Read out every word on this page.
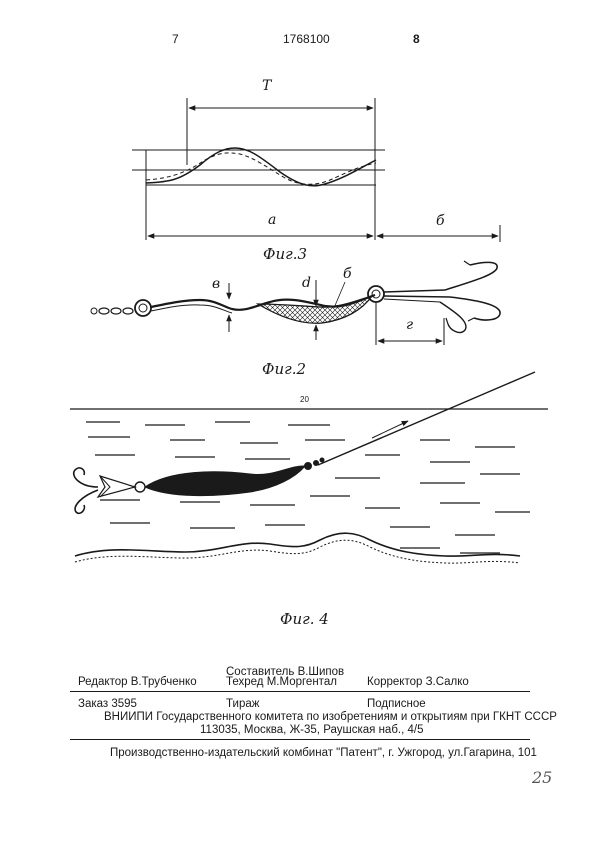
7	1768100	8
T
a	б
Фиг.3
в	d
б
г
Фиг.2
20
Фиг. 4
Составитель В.Шипов
Редактор В.Трубченко	Техред М.Моргентал	Корректор З.Салко
Заказ 3595	Тираж	Подписное
ВНИИПИ Государственного комитета по изобретениям и открытиям при ГКНТ СССР
113035, Москва, Ж-35, Раушская наб., 4/5
Производственно-издательский комбинат "Патент", г. Ужгород, ул.Гагарина, 101
25
